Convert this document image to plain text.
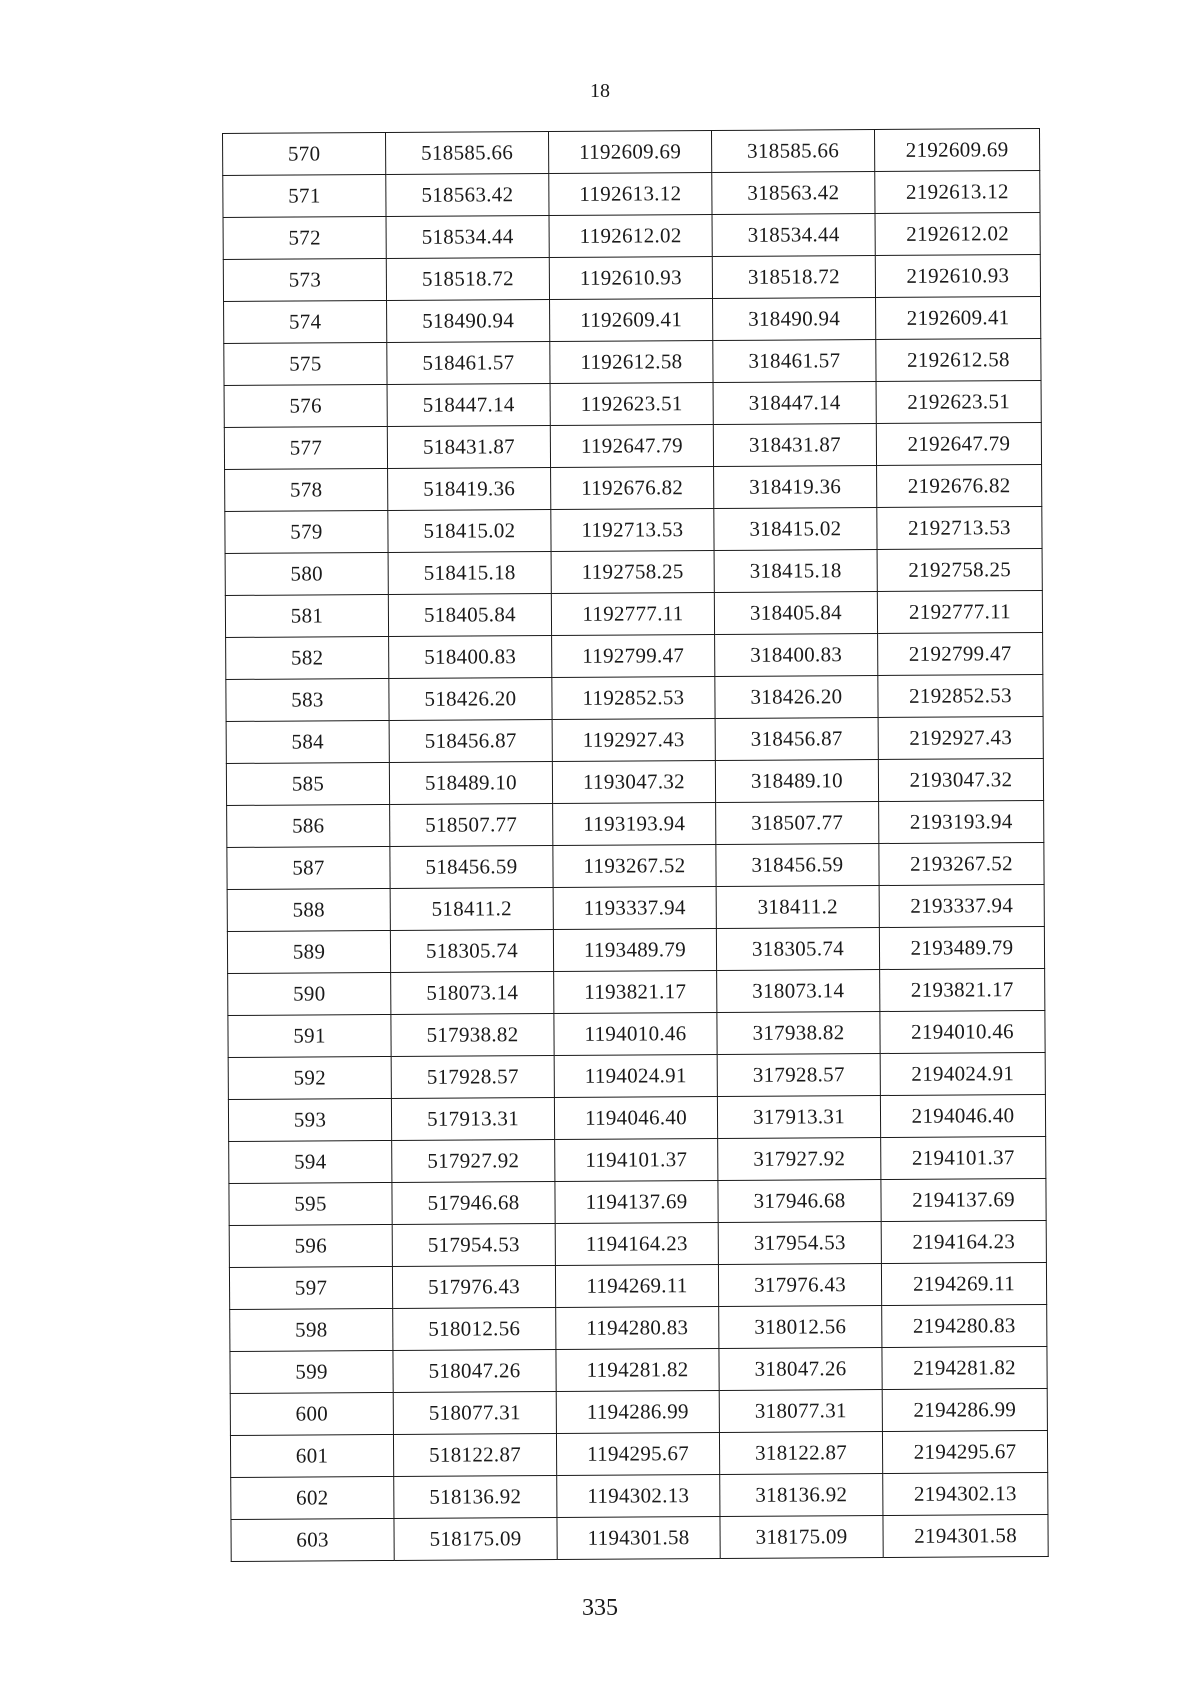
18
570	518585.66	1192609.69	318585.66	2192609.69
571	518563.42	1192613.12	318563.42	2192613.12
572	518534.44	1192612.02	318534.44	2192612.02
573	518518.72	1192610.93	318518.72	2192610.93
574	518490.94	1192609.41	318490.94	2192609.41
575	518461.57	1192612.58	318461.57	2192612.58
576	518447.14	1192623.51	318447.14	2192623.51
577	518431.87	1192647.79	318431.87	2192647.79
578	518419.36	1192676.82	318419.36	2192676.82
579	518415.02	1192713.53	318415.02	2192713.53
580	518415.18	1192758.25	318415.18	2192758.25
581	518405.84	1192777.11	318405.84	2192777.11
582	518400.83	1192799.47	318400.83	2192799.47
583	518426.20	1192852.53	318426.20	2192852.53
584	518456.87	1192927.43	318456.87	2192927.43
585	518489.10	1193047.32	318489.10	2193047.32
586	518507.77	1193193.94	318507.77	2193193.94
587	518456.59	1193267.52	318456.59	2193267.52
588	518411.2	1193337.94	318411.2	2193337.94
589	518305.74	1193489.79	318305.74	2193489.79
590	518073.14	1193821.17	318073.14	2193821.17
591	517938.82	1194010.46	317938.82	2194010.46
592	517928.57	1194024.91	317928.57	2194024.91
593	517913.31	1194046.40	317913.31	2194046.40
594	517927.92	1194101.37	317927.92	2194101.37
595	517946.68	1194137.69	317946.68	2194137.69
596	517954.53	1194164.23	317954.53	2194164.23
597	517976.43	1194269.11	317976.43	2194269.11
598	518012.56	1194280.83	318012.56	2194280.83
599	518047.26	1194281.82	318047.26	2194281.82
600	518077.31	1194286.99	318077.31	2194286.99
601	518122.87	1194295.67	318122.87	2194295.67
602	518136.92	1194302.13	318136.92	2194302.13
603	518175.09	1194301.58	318175.09	2194301.58
335
